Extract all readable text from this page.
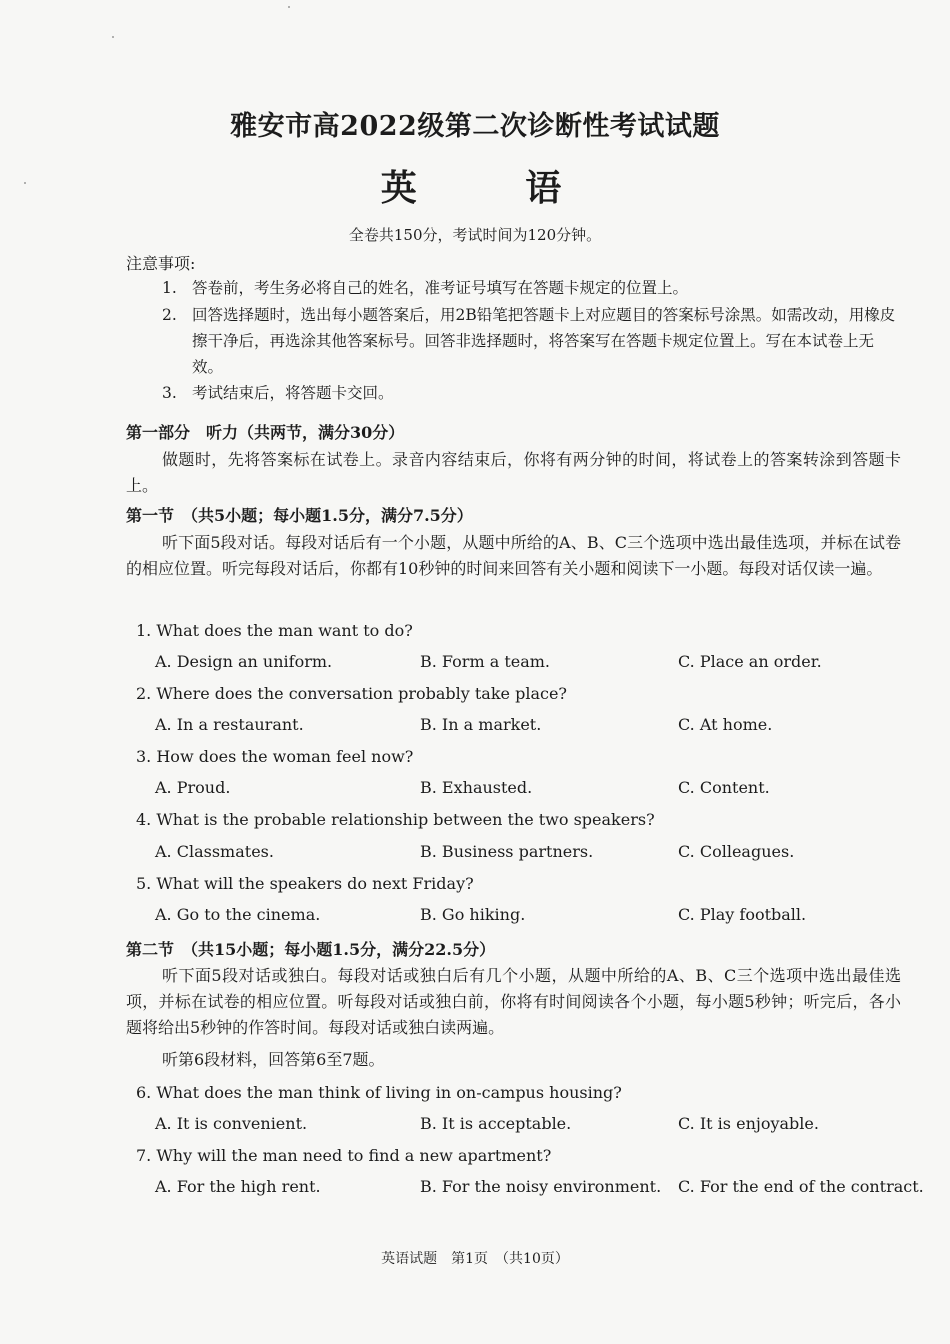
雅安市高2022级第二次诊断性考试试题
英 语
全卷共150分，考试时间为120分钟。
注意事项:
1. 答卷前，考生务必将自己的姓名，准考证号填写在答题卡规定的位置上。
2. 回答选择题时，选出每小题答案后，用2B铅笔把答题卡上对应题目的答案标号涂黑。如需改动，用橡皮擦干净后，再选涂其他答案标号。回答非选择题时，将答案写在答题卡规定位置上。写在本试卷上无效。
3. 考试结束后，将答题卡交回。
第一部分　听力（共两节，满分30分）
做题时，先将答案标在试卷上。录音内容结束后，你将有两分钟的时间，将试卷上的答案转涂到答题卡上。
第一节　（共5小题；每小题1.5分，满分7.5分）
听下面5段对话。每段对话后有一个小题，从题中所给的A、B、C三个选项中选出最佳选项，并标在试卷的相应位置。听完每段对话后，你都有10秒钟的时间来回答有关小题和阅读下一小题。每段对话仅读一遍。
1. What does the man want to do?
A. Design an uniform.	B. Form a team.	C. Place an order.
2. Where does the conversation probably take place?
A. In a restaurant.	B. In a market.	C. At home.
3. How does the woman feel now?
A. Proud.	B. Exhausted.	C. Content.
4. What is the probable relationship between the two speakers?
A. Classmates.	B. Business partners.	C. Colleagues.
5. What will the speakers do next Friday?
A. Go to the cinema.	B. Go hiking.	C. Play football.
第二节　（共15小题；每小题1.5分，满分22.5分）
听下面5段对话或独白。每段对话或独白后有几个小题，从题中所给的A、B、C三个选项中选出最佳选项，并标在试卷的相应位置。听每段对话或独白前，你将有时间阅读各个小题，每小题5秒钟；听完后，各小题将给出5秒钟的作答时间。每段对话或独白读两遍。
听第6段材料，回答第6至7题。
6. What does the man think of living in on-campus housing?
A. It is convenient.	B. It is acceptable.	C. It is enjoyable.
7. Why will the man need to find a new apartment?
A. For the high rent.	B. For the noisy environment. C. For the end of the contract.
英语试题　第1页　（共10页）
